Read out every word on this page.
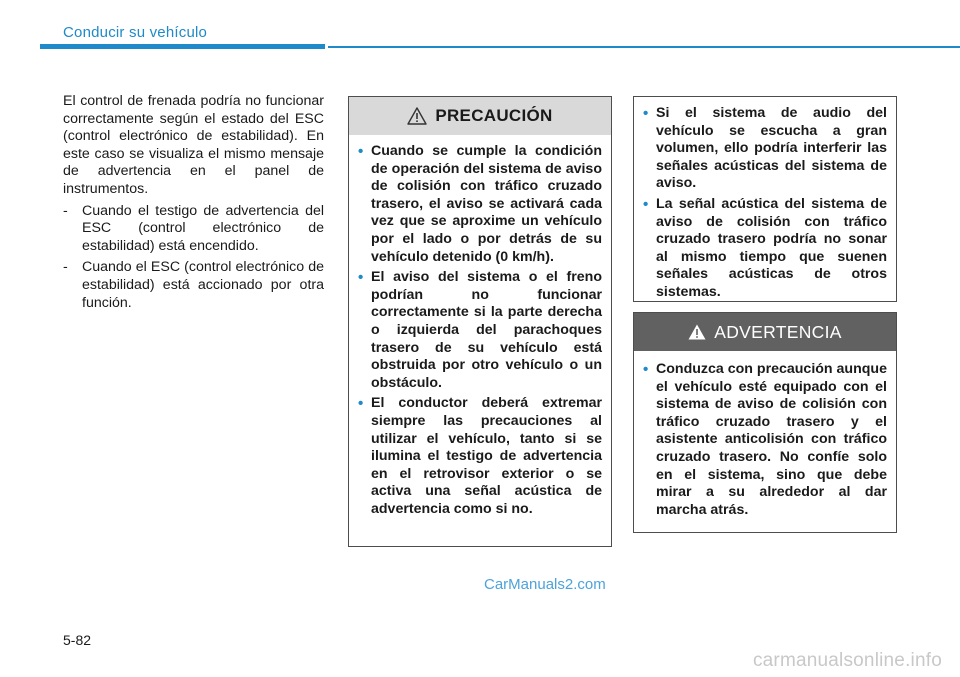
Conducir su vehículo

El control de frenada podría no funcionar correctamente según el estado del ESC (control electrónico de estabilidad). En este caso se visualiza el mismo mensaje de advertencia en el panel de instrumentos.

-	Cuando el testigo de advertencia del ESC (control electrónico de estabilidad) está encendido.
-	Cuando el ESC (control electrónico de estabilidad) está accionado por otra función.
PRECAUCIÓN
• Cuando se cumple la condición de operación del sistema de aviso de colisión con tráfico cruzado trasero, el aviso se activará cada vez que se aproxime un vehículo por el lado o por detrás de su vehículo detenido (0 km/h).
• El aviso del sistema o el freno podrían no funcionar correctamente si la parte derecha o izquierda del parachoques trasero de su vehículo está obstruida por otro vehículo o un obstáculo.
• El conductor deberá extremar siempre las precauciones al utilizar el vehículo, tanto si se ilumina el testigo de advertencia en el retrovisor exterior o se activa una señal acústica de advertencia como si no.
• Si el sistema de audio del vehículo se escucha a gran volumen, ello podría interferir las señales acústicas del sistema de aviso.
• La señal acústica del sistema de aviso de colisión con tráfico cruzado trasero podría no sonar al mismo tiempo que suenen señales acústicas de otros sistemas.
ADVERTENCIA
• Conduzca con precaución aunque el vehículo esté equipado con el sistema de aviso de colisión con tráfico cruzado trasero y el asistente anticolisión con tráfico cruzado trasero. No confíe solo en el sistema, sino que debe mirar a su alrededor al dar marcha atrás.
CarManuals2.com
5-82
carmanualsonline.info
